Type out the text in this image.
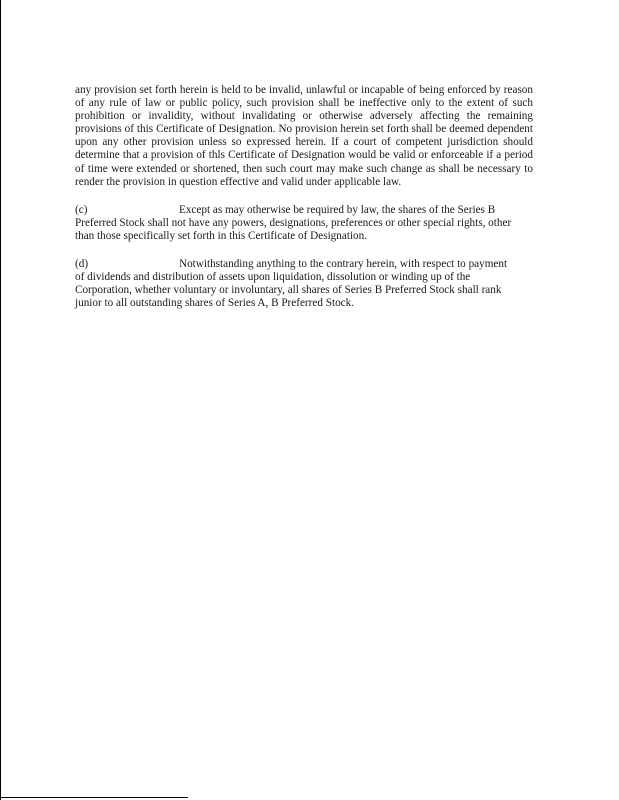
any provision set forth herein is held to be invalid, unlawful or incapable of being enforced by reason of any rule of law or public policy, such provision shall be ineffective only to the extent of such prohibition or invalidity, without invalidating or otherwise adversely affecting the remaining provisions of this Certificate of Designation. No provision herein set forth shall be deemed dependent upon any other provision unless so expressed herein. If a court of competent jurisdiction should determine that a provision of thls Certificate of Designation would be valid or enforceable if a period of time were extended or shortened, then such court may make such change as shall be necessary to render the provision in question effective and valid under applicable law.

(c)	Except as may otherwise be required by law, the shares of the Series B

Preferred Stock shall not have any powers, designations, preferences or other special rights, other

than those specifically set forth in this Certificate of Designation.

(d)	Notwithstanding anything to the contrary herein, with respect to payment

of dividends and distribution of assets upon liquidation, dissolution or winding up of the

Corporation, whether voluntary or involuntary, all shares of Series B Preferred Stock shall rank

junior to all outstanding shares of Series A, B Preferred Stock.
